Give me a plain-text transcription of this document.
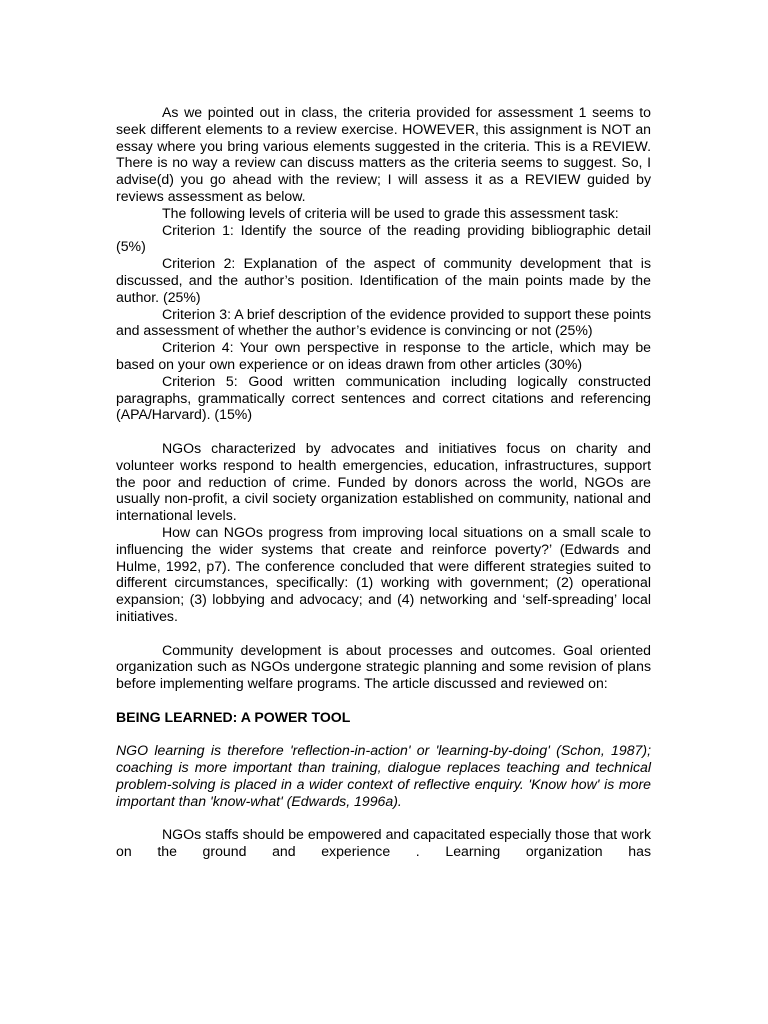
As we pointed out in class, the criteria provided for assessment 1 seems to seek different elements to a review exercise. HOWEVER, this assignment is NOT an essay where you bring various elements suggested in the criteria. This is a REVIEW. There is no way a review can discuss matters as the criteria seems to suggest. So, I advise(d) you go ahead with the review; I will assess it as a REVIEW guided by reviews assessment as below.

The following levels of criteria will be used to grade this assessment task:

Criterion 1: Identify the source of the reading providing bibliographic detail (5%)

Criterion 2: Explanation of the aspect of community development that is discussed, and the author’s position. Identification of the main points made by the author. (25%)

Criterion 3: A brief description of the evidence provided to support these points and assessment of whether the author’s evidence is convincing or not (25%)

Criterion 4: Your own perspective in response to the article, which may be based on your own experience or on ideas drawn from other articles (30%)

Criterion 5: Good written communication including logically constructed paragraphs, grammatically correct sentences and correct citations and referencing (APA/Harvard). (15%)

NGOs characterized by advocates and initiatives focus on charity and volunteer works respond to health emergencies, education, infrastructures, support the poor and reduction of crime. Funded by donors across the world, NGOs are usually non-profit, a civil society organization established on community, national and international levels.

How can NGOs progress from improving local situations on a small scale to influencing the wider systems that create and reinforce poverty?’ (Edwards and Hulme, 1992, p7). The conference concluded that were different strategies suited to different circumstances, specifically: (1) working with government; (2) operational expansion; (3) lobbying and advocacy; and (4) networking and ‘self-spreading’ local initiatives.

Community development is about processes and outcomes. Goal oriented organization such as NGOs undergone strategic planning and some revision of plans before implementing welfare programs. The article discussed and reviewed on:

BEING LEARNED: A POWER TOOL

NGO learning is therefore 'reflection-in-action' or 'learning-by-doing' (Schon, 1987); coaching is more important than training, dialogue replaces teaching and technical problem-solving is placed in a wider context of reflective enquiry. 'Know how' is more important than 'know-what' (Edwards, 1996a).

NGOs staffs should be empowered and capacitated especially those that work on the ground and experience . Learning organization has
